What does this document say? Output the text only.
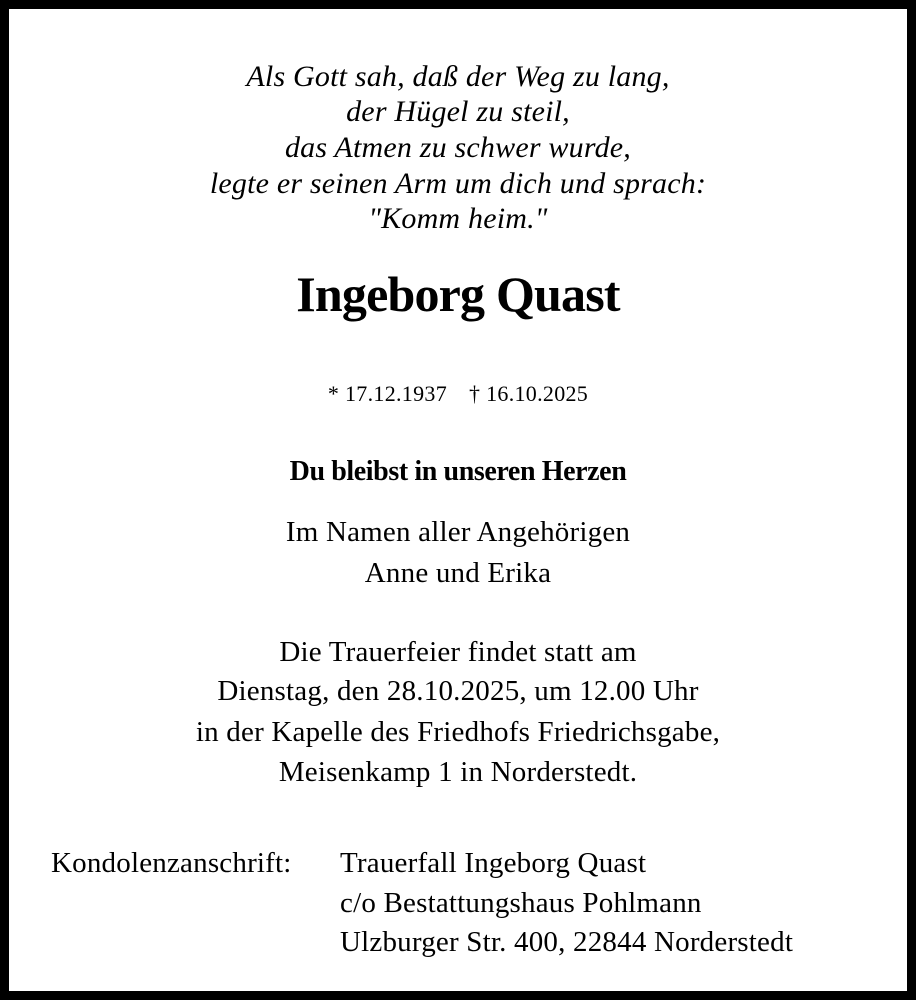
Als Gott sah, daß der Weg zu lang,
der Hügel zu steil,
das Atmen zu schwer wurde,
legte er seinen Arm um dich und sprach:
"Komm heim."
Ingeborg Quast
* 17.12.1937 † 16.10.2025
Du bleibst in unseren Herzen
Im Namen aller Angehörigen
Anne und Erika
Die Trauerfeier findet statt am
Dienstag, den 28.10.2025, um 12.00 Uhr
in der Kapelle des Friedhofs Friedrichsgabe,
Meisenkamp 1 in Norderstedt.
Kondolenzanschrift: Trauerfall Ingeborg Quast
c/o Bestattungshaus Pohlmann
Ulzburger Str. 400, 22844 Norderstedt
